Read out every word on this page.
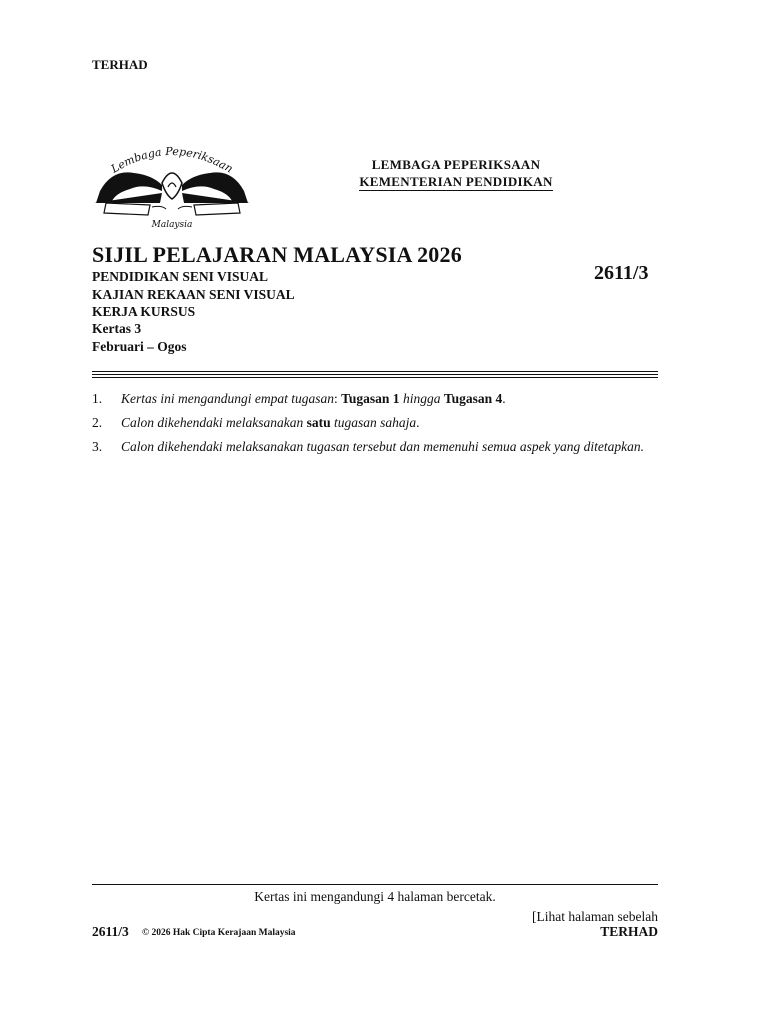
TERHAD
Lembaga Peperiksaan
Malaysia
LEMBAGA PEPERIKSAAN
KEMENTERIAN PENDIDIKAN
SIJIL PELAJARAN MALAYSIA 2026
2611/3
PENDIDIKAN SENI VISUAL
KAJIAN REKAAN SENI VISUAL
KERJA KURSUS
Kertas 3
Februari – Ogos
1. Kertas ini mengandungi empat tugasan: Tugasan 1 hingga Tugasan 4.
2. Calon dikehendaki melaksanakan satu tugasan sahaja.
3. Calon dikehendaki melaksanakan tugasan tersebut dan memenuhi semua aspek yang ditetapkan.
Kertas ini mengandungi 4 halaman bercetak.
[Lihat halaman sebelah
2611/3 © 2026 Hak Cipta Kerajaan Malaysia	TERHAD
